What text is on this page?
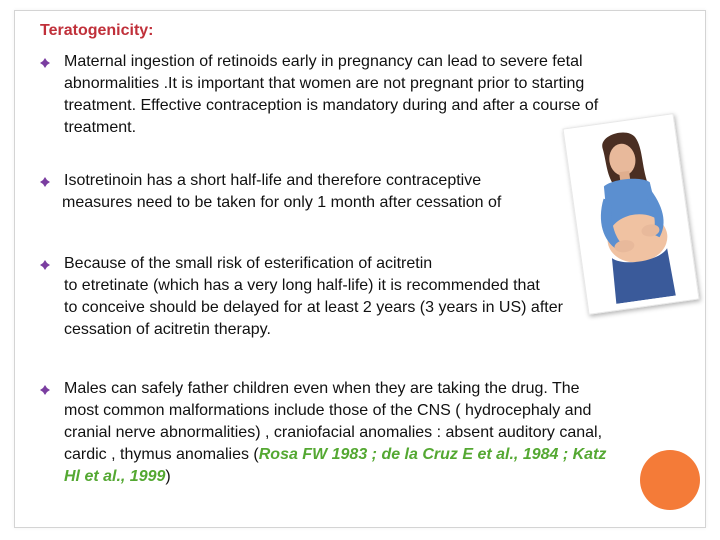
Teratogenicity:
Maternal ingestion of retinoids early in pregnancy can lead to severe fetal
abnormalities .It is important that women are not pregnant prior to starting
treatment. Effective contraception is mandatory during and after a course of
treatment.
Isotretinoin has a short half-life and therefore contraceptive
measures need to be taken for only 1 month after cessation of
Because of the small risk of esterification of acitretin
to etretinate (which has a very long half-life) it is recommended that
to conceive should be delayed for at least 2 years (3 years in US) after
cessation of acitretin therapy.
Males can safely father children even when they are taking the drug. The
most common malformations include those of the CNS ( hydrocephaly and
cranial nerve abnormalities) , craniofacial anomalies : absent auditory canal,
cardic , thymus anomalies (Rosa FW 1983 ; de la Cruz E et al., 1984 ; Katz
Hl et al., 1999)
